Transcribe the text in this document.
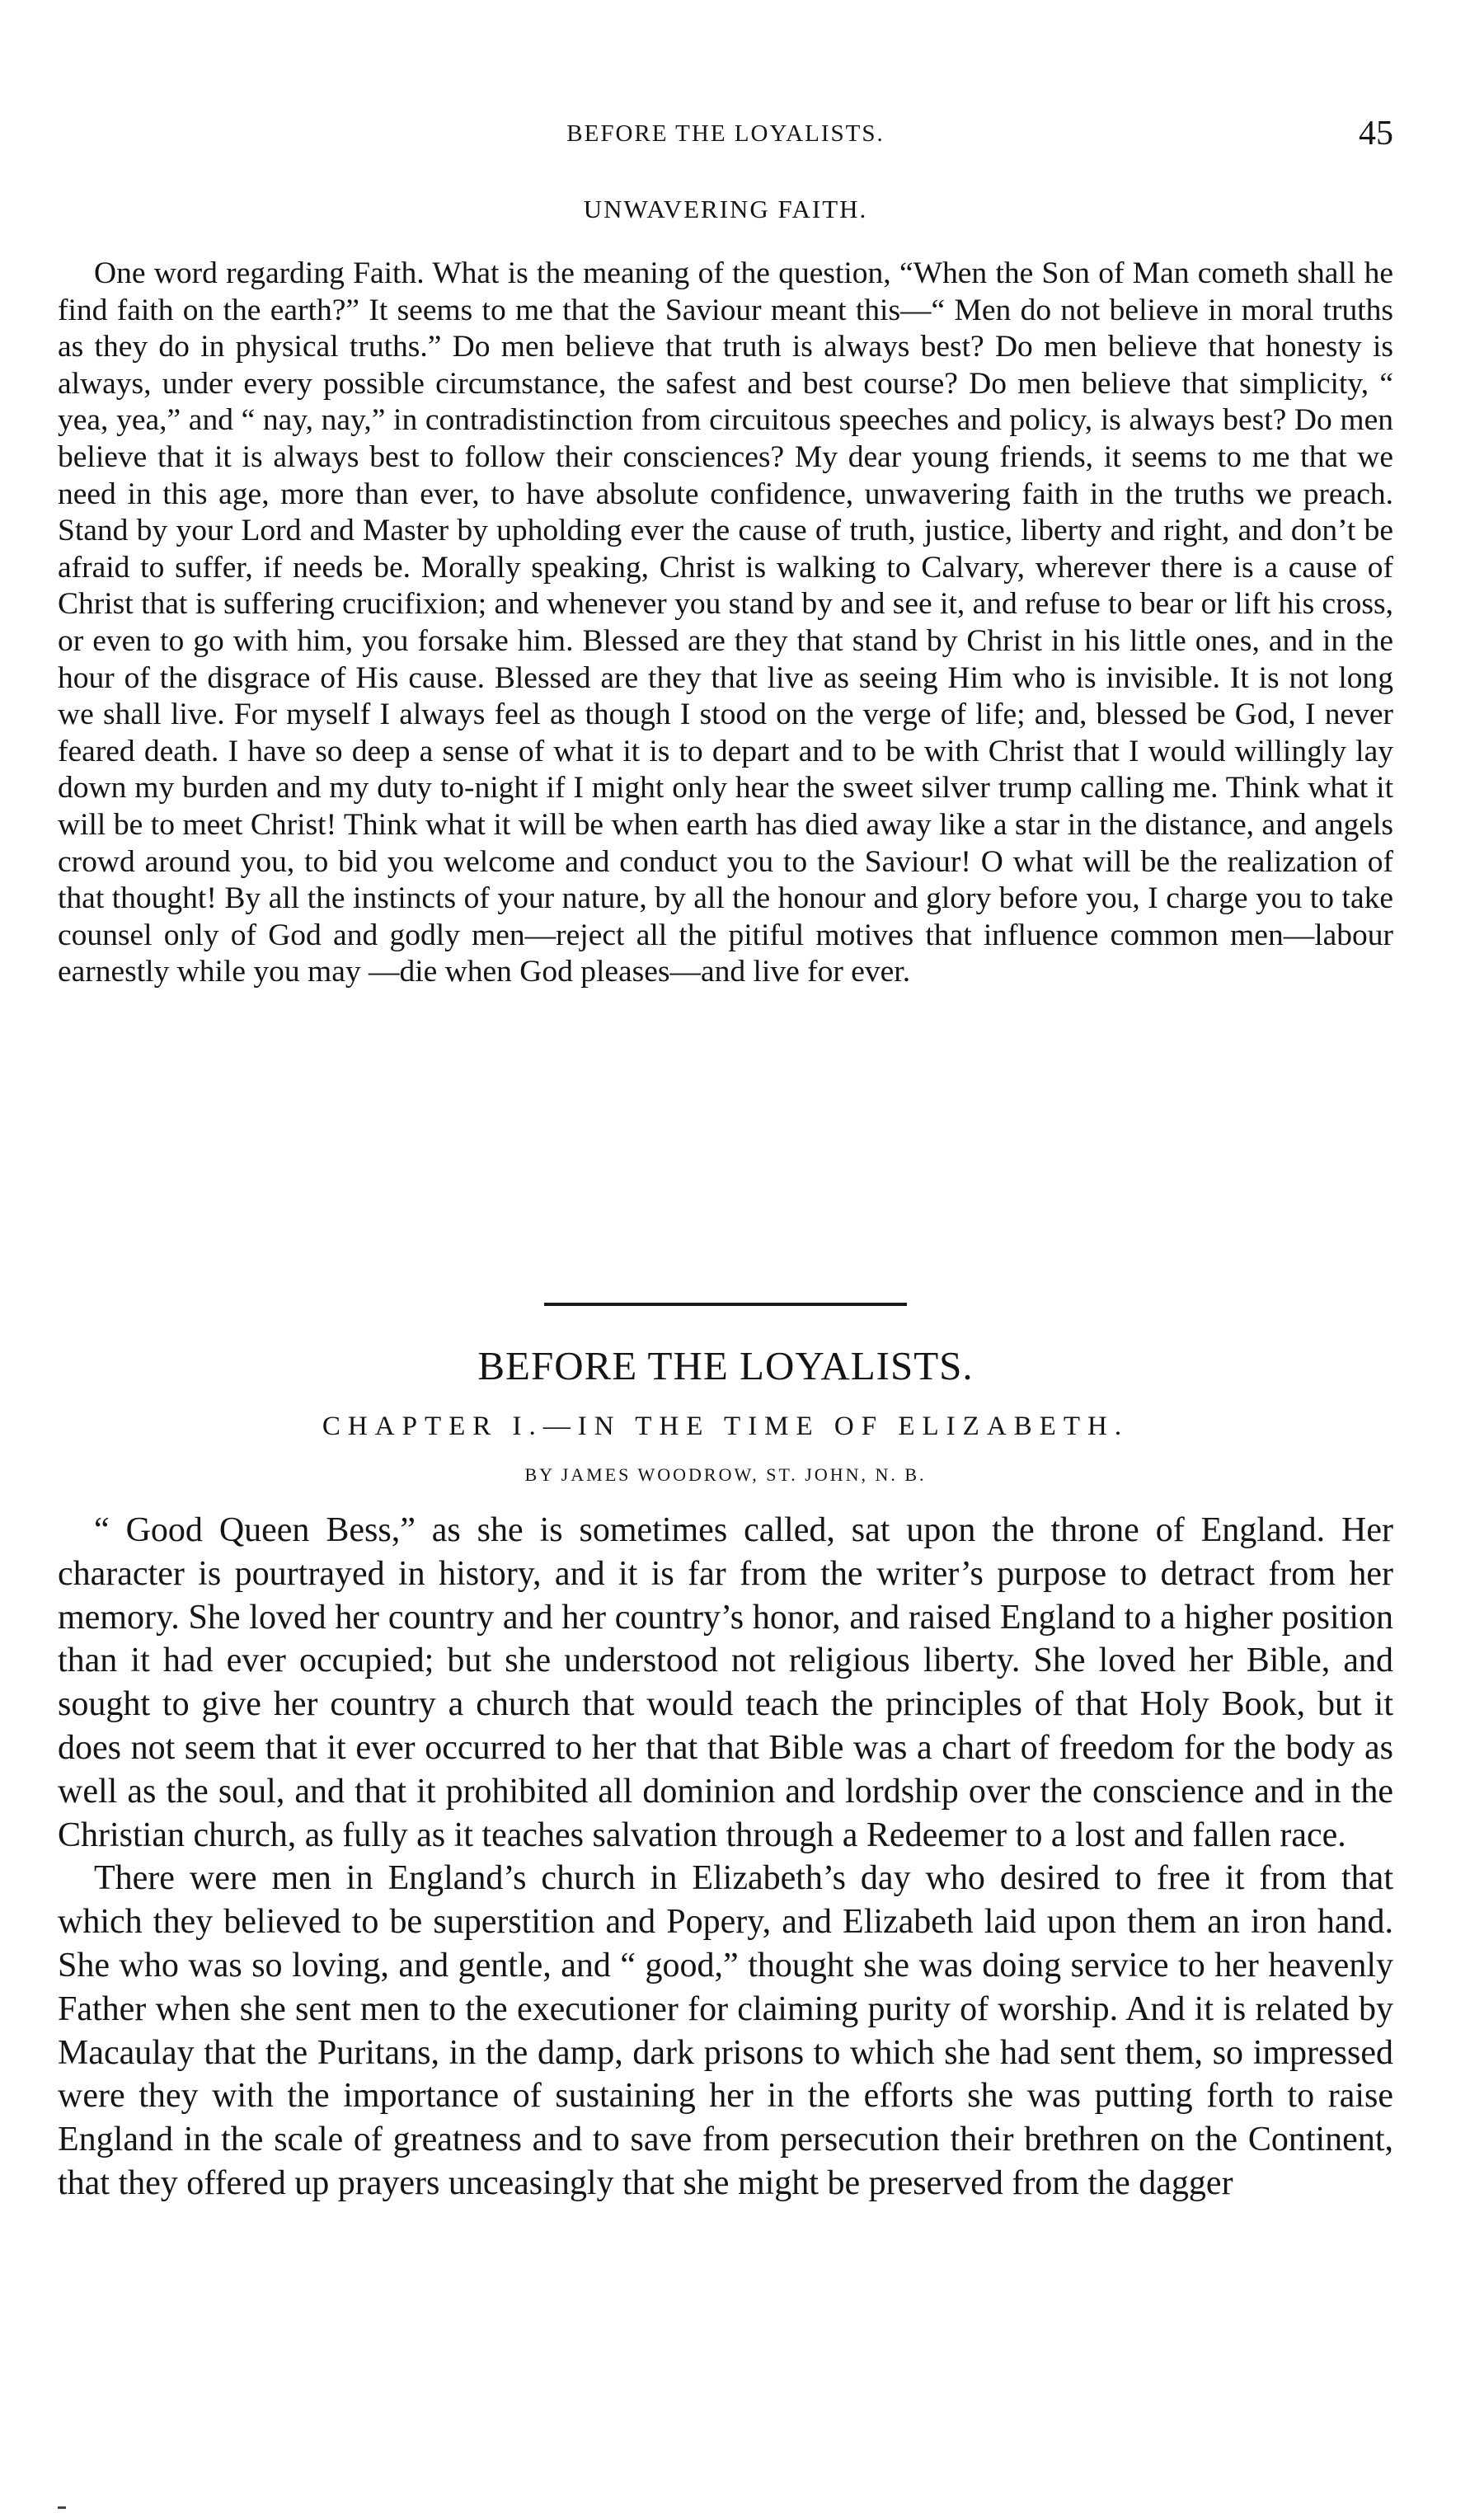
BEFORE THE LOYALISTS.	45
UNWAVERING FAITH.

One word regarding Faith. What is the meaning of the question, “When the Son of Man cometh shall he find faith on the earth?” It seems to me that the Saviour meant this—“ Men do not believe in moral truths as they do in physical truths.” Do men believe that truth is always best? Do men believe that honesty is always, under every possible circumstance, the safest and best course? Do men believe that simplicity, “ yea, yea,” and “ nay, nay,” in contradistinction from circuitous speeches and policy, is always best? Do men believe that it is always best to follow their consciences? My dear young friends, it seems to me that we need in this age, more than ever, to have absolute confidence, unwavering faith in the truths we preach. Stand by your Lord and Master by upholding ever the cause of truth, justice, liberty and right, and don’t be afraid to suffer, if needs be. Morally speaking, Christ is walking to Calvary, wherever there is a cause of Christ that is suffering crucifixion; and whenever you stand by and see it, and refuse to bear or lift his cross, or even to go with him, you forsake him. Blessed are they that stand by Christ in his little ones, and in the hour of the disgrace of His cause. Blessed are they that live as seeing Him who is invisible. It is not long we shall live. For myself I always feel as though I stood on the verge of life; and, blessed be God, I never feared death. I have so deep a sense of what it is to depart and to be with Christ that I would willingly lay down my burden and my duty to-night if I might only hear the sweet silver trump calling me. Think what it will be to meet Christ! Think what it will be when earth has died away like a star in the distance, and angels crowd around you, to bid you welcome and conduct you to the Saviour! O what will be the realization of that thought! By all the instincts of your nature, by all the honour and glory before you, I charge you to take counsel only of God and godly men—reject all the pitiful motives that influence common men—labour earnestly while you may —die when God pleases—and live for ever.

BEFORE THE LOYALISTS.
CHAPTER I.—IN THE TIME OF ELIZABETH.
BY JAMES WOODROW, ST. JOHN, N. B.

“ Good Queen Bess,” as she is sometimes called, sat upon the throne of England. Her character is pourtrayed in history, and it is far from the writer’s purpose to detract from her memory. She loved her country and her country’s honor, and raised England to a higher position than it had ever occupied; but she understood not religious liberty. She loved her Bible, and sought to give her country a church that would teach the principles of that Holy Book, but it does not seem that it ever occurred to her that that Bible was a chart of freedom for the body as well as the soul, and that it prohibited all dominion and lordship over the conscience and in the Christian church, as fully as it teaches salvation through a Redeemer to a lost and fallen race.

There were men in England’s church in Elizabeth’s day who desired to free it from that which they believed to be superstition and Popery, and Elizabeth laid upon them an iron hand. She who was so loving, and gentle, and “ good,” thought she was doing service to her heavenly Father when she sent men to the executioner for claiming purity of worship. And it is related by Macaulay that the Puritans, in the damp, dark prisons to which she had sent them, so impressed were they with the importance of sustaining her in the efforts she was putting forth to raise England in the scale of greatness and to save from persecution their brethren on the Continent, that they offered up prayers unceasingly that she might be preserved from the dagger
